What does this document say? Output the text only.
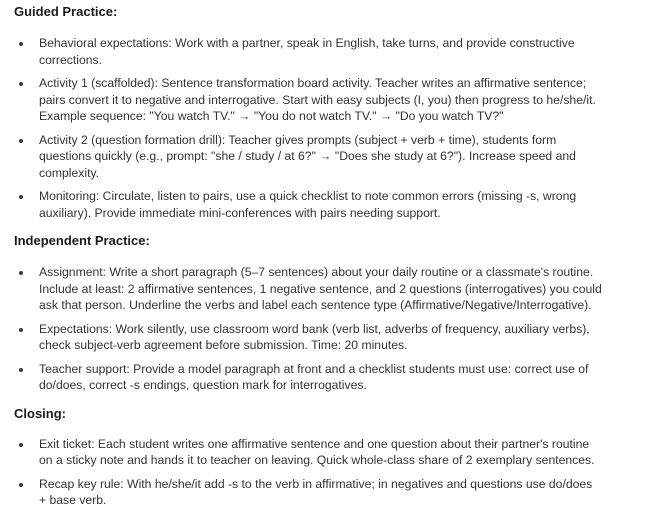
Guided Practice:
Behavioral expectations: Work with a partner, speak in English, take turns, and provide constructive
corrections.
Activity 1 (scaffolded): Sentence transformation board activity. Teacher writes an affirmative sentence;
pairs convert it to negative and interrogative. Start with easy subjects (I, you) then progress to he/she/it.
Example sequence: "You watch TV." → "You do not watch TV." → "Do you watch TV?"
Activity 2 (question formation drill): Teacher gives prompts (subject + verb + time), students form
questions quickly (e.g., prompt: "she / study / at 6?" → "Does she study at 6?"). Increase speed and
complexity.
Monitoring: Circulate, listen to pairs, use a quick checklist to note common errors (missing -s, wrong
auxiliary). Provide immediate mini-conferences with pairs needing support.
Independent Practice:
Assignment: Write a short paragraph (5–7 sentences) about your daily routine or a classmate's routine.
Include at least: 2 affirmative sentences, 1 negative sentence, and 2 questions (interrogatives) you could
ask that person. Underline the verbs and label each sentence type (Affirmative/Negative/Interrogative).
Expectations: Work silently, use classroom word bank (verb list, adverbs of frequency, auxiliary verbs),
check subject-verb agreement before submission. Time: 20 minutes.
Teacher support: Provide a model paragraph at front and a checklist students must use: correct use of
do/does, correct -s endings, question mark for interrogatives.
Closing:
Exit ticket: Each student writes one affirmative sentence and one question about their partner's routine
on a sticky note and hands it to teacher on leaving. Quick whole-class share of 2 exemplary sentences.
Recap key rule: With he/she/it add -s to the verb in affirmative; in negatives and questions use do/does
+ base verb.
